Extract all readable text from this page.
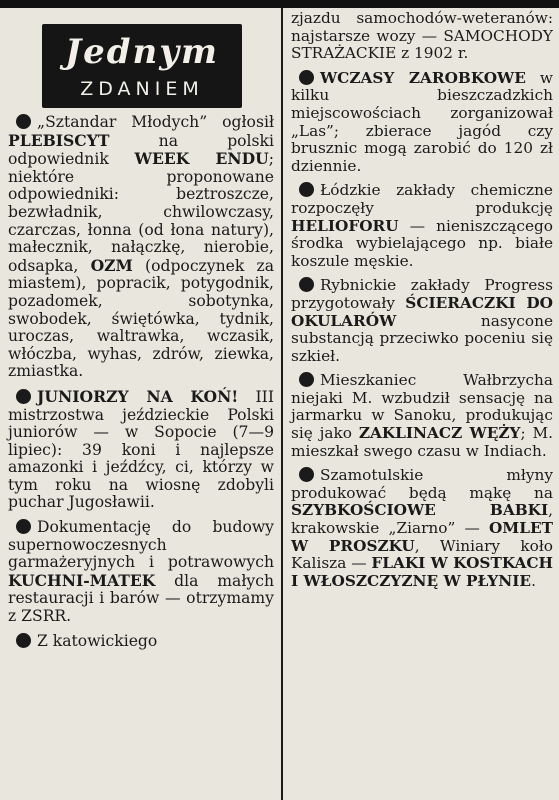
Jednym
ZDANIEM

„Sztandar Młodych” ogłosił PLEBISCYT na polski odpowiednik WEEK ENDU; niektóre proponowane odpowiedniki: beztroszcze, bezwładnik, chwilowczasy, czarczas, łonna (od łona natury), małecznik, nałączkę, nierobie, odsapka, OZM (odpoczynek za miastem), popracik, potygodnik, pozadomek, sobotynka, swobodek, świętówka, tydnik, uroczas, waltrawka, wczasik, włóczba, wyhas, zdrów, ziewka, zmiastka.

JUNIORZY NA KOŃ! III mistrzostwa jeździeckie Polski juniorów — w Sopocie (7—9 lipiec): 39 koni i najlepsze amazonki i jeźdźcy, ci, którzy w tym roku na wiosnę zdobyli puchar Jugosławii.

Dokumentację do budowy supernowoczesnych garmażeryjnych i potrawowych KUCHNI-MATEK dla małych restauracji i barów — otrzymamy z ZSRR.

Z katowickiego

zjazdu samochodów-weteranów: najstarsze wozy — SAMOCHODY STRAŻACKIE z 1902 r.

WCZASY ZAROBKOWE w kilku bieszczadzkich miejscowościach zorganizował „Las”; zbierace jagód czy brusznic mogą zarobić do 120 zł dziennie.

Łódzkie zakłady chemiczne rozpoczęły produkcję HELIOFORU — nieniszczącego środka wybielającego np. białe koszule męskie.

Rybnickie zakłady Progress przygotowały ŚCIERACZKI DO OKULARÓW nasycone substancją przeciwko poceniu się szkieł.

Mieszkaniec Wałbrzycha niejaki M. wzbudził sensację na jarmarku w Sanoku, produkując się jako ZAKLINACZ WĘŻY; M. mieszkał swego czasu w Indiach.

Szamotulskie młyny produkować będą mąkę na SZYBKOŚCIOWE BABKI, krakowskie „Ziarno” — OMLET W PROSZKU, Winiary koło Kalisza — FLAKI W KOSTKACH I WŁOSZCZYZNĘ W PŁYNIE.
